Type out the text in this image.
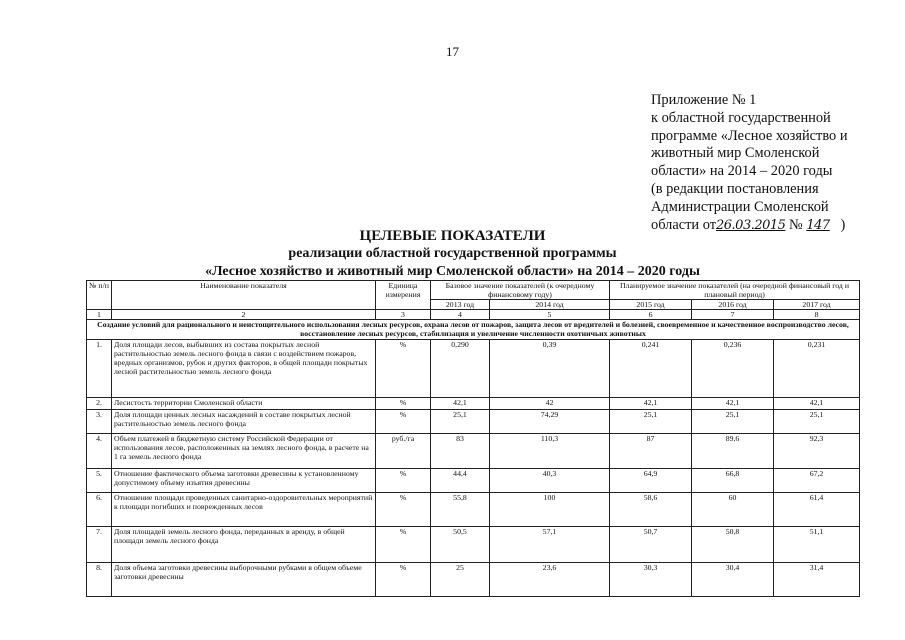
17
Приложение № 1
к областной государственной
программе «Лесное хозяйство и
животный мир Смоленской
области» на 2014 – 2020 годы
(в редакции постановления
Администрации Смоленской
области от26.03.2015 № 147   )
ЦЕЛЕВЫЕ ПОКАЗАТЕЛИ
реализации областной государственной программы
«Лесное хозяйство и животный мир Смоленской области» на 2014 – 2020 годы
№ п/п	Наименование показателя	Единица измерения	Базовое значение показателей (к очередному финансовому году)		Планируемое значение показателей (на очередной финансовый год и плановый период)		
			2013 год	2014 год	2015 год	2016 год	2017 год
1	2	3	4	5	6	7	8
Создание условий для рационального и неистощительного использования лесных ресурсов, охрана лесов от пожаров, защита лесов от вредителей и болезней, своевременное и качественное воспроизводство лесов, восстановление лесных ресурсов, стабилизация и увеличение численности охотничьих животных							
1.	Доля площади лесов, выбывших из состава покрытых лесной растительностью земель лесного фонда в связи с воздействием пожаров, вредных организмов, рубок и других факторов, в общей площади покрытых лесной растительностью земель лесного фонда	%	0,290	0,39	0,241	0,236	0,231
2.	Лесистость территории Смоленской области	%	42,1	42	42,1	42,1	42,1
3.	Доля площади ценных лесных насаждений в составе покрытых лесной растительностью земель лесного фонда	%	25,1	74,29	25,1	25,1	25,1
4.	Объем платежей в бюджетную систему Российской Федерации от использования лесов, расположенных на землях лесного фонда, в расчете на 1 га земель лесного фонда	руб./га	83	110,3	87	89,6	92,3
5.	Отношение фактического объема заготовки древесины к установленному допустимому объему изъятия древесины	%	44,4	40,3	64,9	66,8	67,2
6.	Отношение площади проведенных санитарно-оздоровительных мероприятий к площади погибших и поврежденных лесов	%	55,8	100	58,6	60	61,4
7.	Доля площадей земель лесного фонда, переданных в аренду, в общей площади земель лесного фонда	%	50,5	57,1	50,7	50,8	51,1
8.	Доля объема заготовки древесины выборочными рубками в общем объеме заготовки древесины	%	25	23,6	30,3	30,4	31,4
